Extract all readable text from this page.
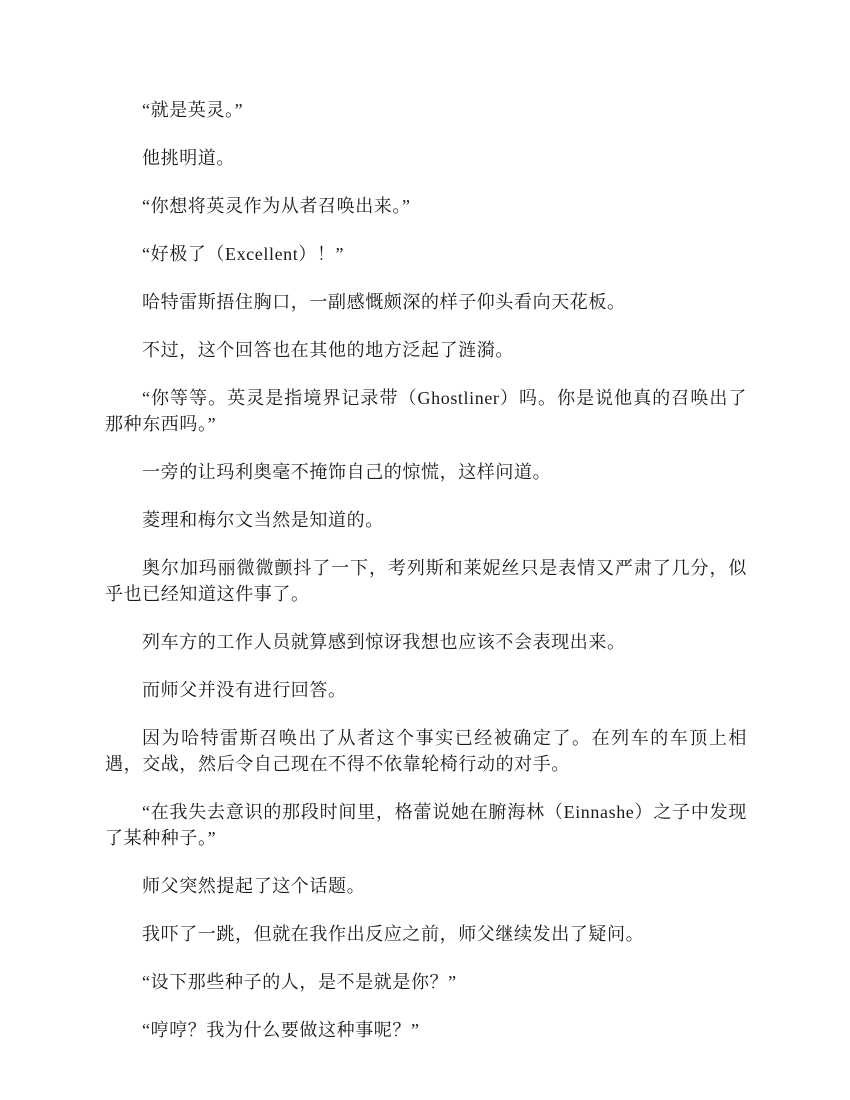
“就是英灵。”

他挑明道。

“你想将英灵作为从者召唤出来。”

“好极了（Excellent）！”

哈特雷斯捂住胸口，一副感慨颇深的样子仰头看向天花板。

不过，这个回答也在其他的地方泛起了涟漪。

“你等等。英灵是指境界记录带（Ghostliner）吗。你是说他真的召唤出了那种东西吗。”

一旁的让玛利奥毫不掩饰自己的惊慌，这样问道。

菱理和梅尔文当然是知道的。

奥尔加玛丽微微颤抖了一下，考列斯和莱妮丝只是表情又严肃了几分，似乎也已经知道这件事了。

列车方的工作人员就算感到惊讶我想也应该不会表现出来。

而师父并没有进行回答。

因为哈特雷斯召唤出了从者这个事实已经被确定了。在列车的车顶上相遇，交战，然后令自己现在不得不依靠轮椅行动的对手。

“在我失去意识的那段时间里，格蕾说她在腑海林（Einnashe）之子中发现了某种种子。”

师父突然提起了这个话题。

我吓了一跳，但就在我作出反应之前，师父继续发出了疑问。

“设下那些种子的人，是不是就是你？”

“哼哼？我为什么要做这种事呢？”
